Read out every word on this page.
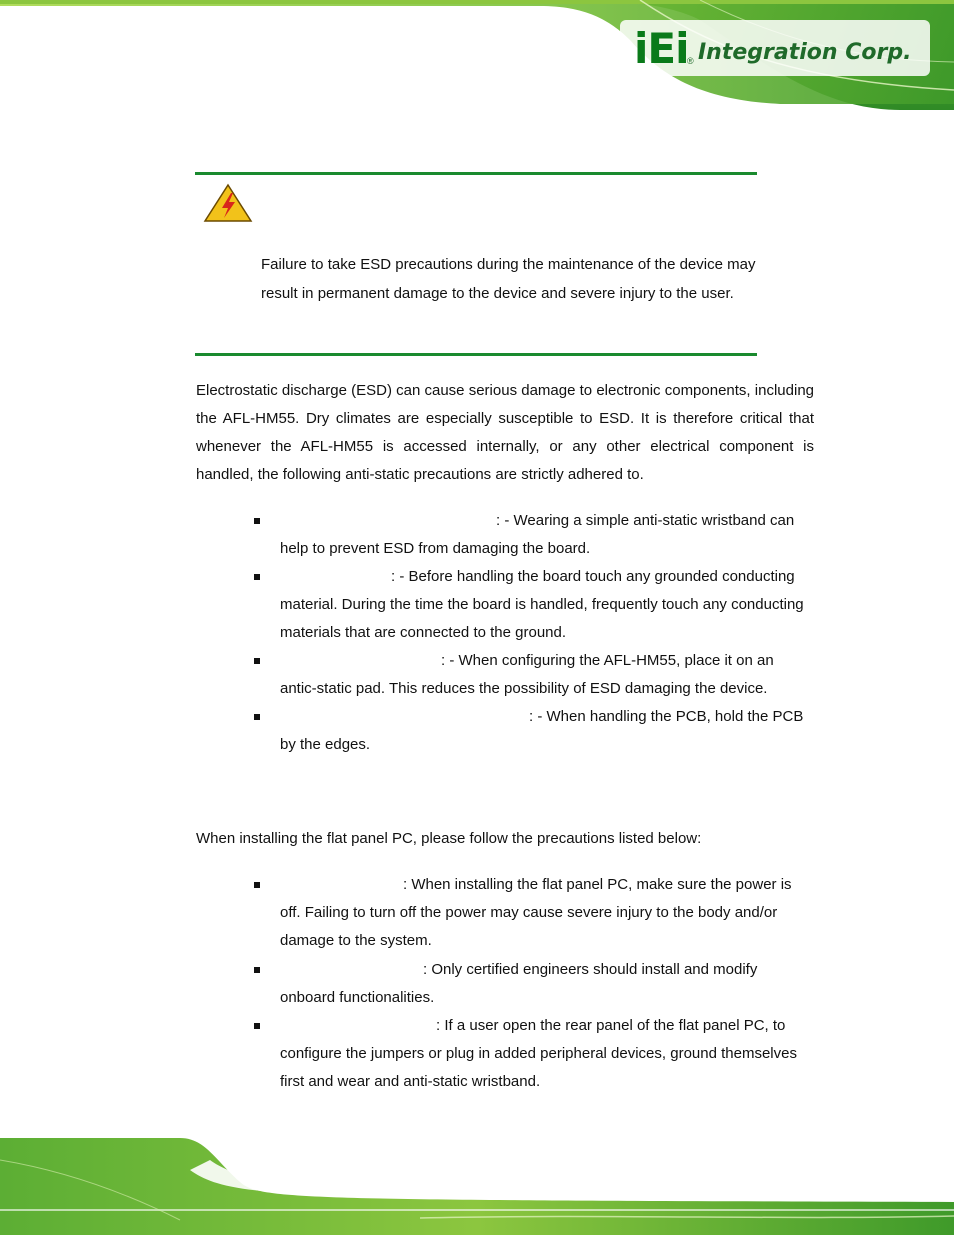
iEi
® Integration Corp.
Failure to take ESD precautions during the maintenance of the device may result in permanent damage to the device and severe injury to the user.

Electrostatic discharge (ESD) can cause serious damage to electronic components, including the AFL-HM55. Dry climates are especially susceptible to ESD. It is therefore critical that whenever the AFL-HM55 is accessed internally, or any other electrical component is handled, the following anti-static precautions are strictly adhered to.

: - Wearing a simple anti-static wristband can
help to prevent ESD from damaging the board.
: - Before handling the board touch any grounded conducting
material. During the time the board is handled, frequently touch any conducting materials that are connected to the ground.
: - When configuring the AFL-HM55, place it on an
antic-static pad. This reduces the possibility of ESD damaging the device.
: - When handling the PCB, hold the PCB
by the edges.

When installing the flat panel PC, please follow the precautions listed below:

: When installing the flat panel PC, make sure the power is
off. Failing to turn off the power may cause severe injury to the body and/or damage to the system.
: Only certified engineers should install and modify
onboard functionalities.
: If a user open the rear panel of the flat panel PC, to
configure the jumpers or plug in added peripheral devices, ground themselves first and wear and anti-static wristband.
